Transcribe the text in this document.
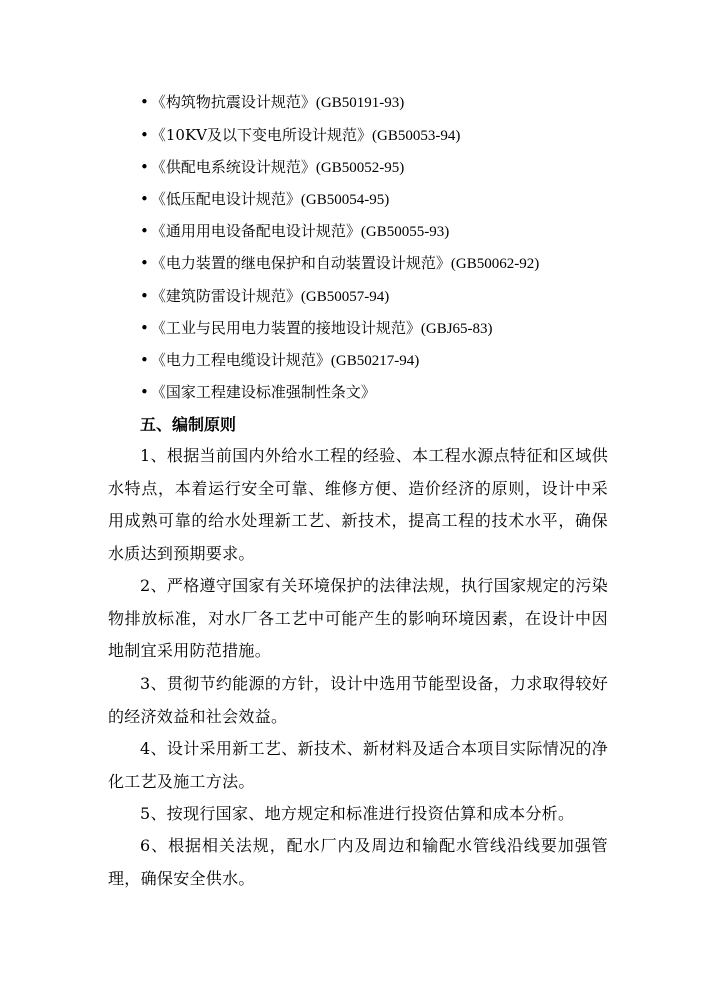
• 《构筑物抗震设计规范》(GB50191-93)
• 《10KV及以下变电所设计规范》(GB50053-94)
• 《供配电系统设计规范》(GB50052-95)
• 《低压配电设计规范》(GB50054-95)
• 《通用用电设备配电设计规范》(GB50055-93)
• 《电力装置的继电保护和自动装置设计规范》(GB50062-92)
• 《建筑防雷设计规范》(GB50057-94)
• 《工业与民用电力装置的接地设计规范》(GBJ65-83)
• 《电力工程电缆设计规范》(GB50217-94)
• 《国家工程建设标准强制性条文》
五、编制原则

1、根据当前国内外给水工程的经验、本工程水源点特征和区域供水特点，本着运行安全可靠、维修方便、造价经济的原则，设计中采用成熟可靠的给水处理新工艺、新技术，提高工程的技术水平，确保水质达到预期要求。

2、严格遵守国家有关环境保护的法律法规，执行国家规定的污染物排放标准，对水厂各工艺中可能产生的影响环境因素，在设计中因地制宜采用防范措施。

3、贯彻节约能源的方针，设计中选用节能型设备，力求取得较好的经济效益和社会效益。

4、设计采用新工艺、新技术、新材料及适合本项目实际情况的净化工艺及施工方法。

5、按现行国家、地方规定和标准进行投资估算和成本分析。

6、根据相关法规，配水厂内及周边和输配水管线沿线要加强管理，确保安全供水。
